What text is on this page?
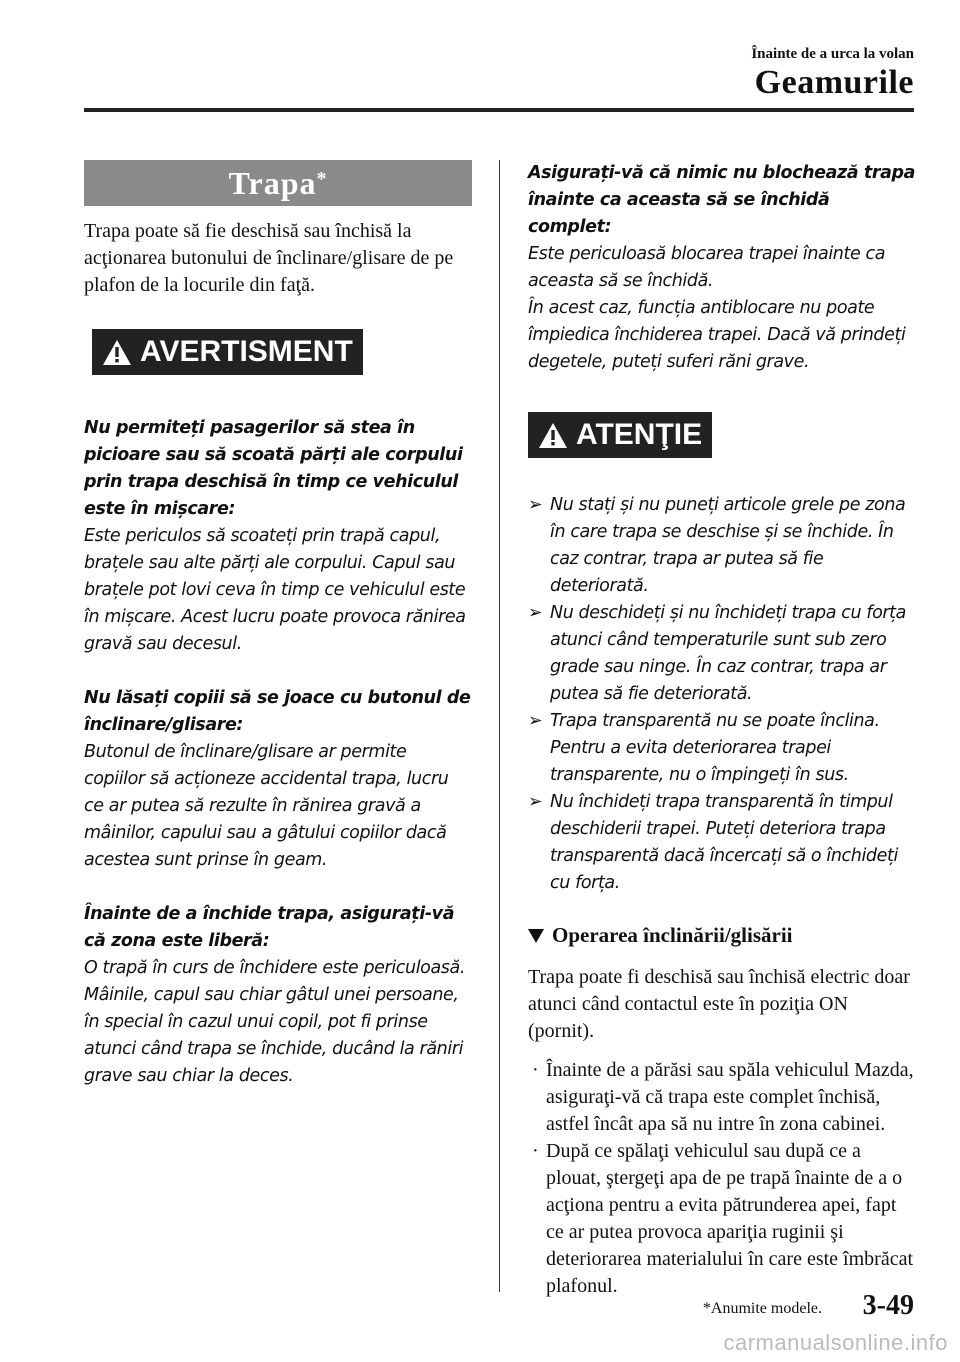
Înainte de a urca la volan
Geamurile
Trapa*
Trapa poate să fie deschisă sau închisă la acţionarea butonului de înclinare/glisare de pe plafon de la locurile din faţă.
AVERTISMENT
Nu permiteți pasagerilor să stea în picioare sau să scoată părți ale corpului prin trapa deschisă în timp ce vehiculul este în mișcare:
Este periculos să scoateți prin trapă capul, brațele sau alte părți ale corpului. Capul sau brațele pot lovi ceva în timp ce vehiculul este în mișcare. Acest lucru poate provoca rănirea gravă sau decesul.
Nu lăsați copiii să se joace cu butonul de înclinare/glisare:
Butonul de înclinare/glisare ar permite copiilor să acționeze accidental trapa, lucru ce ar putea să rezulte în rănirea gravă a mâinilor, capului sau a gâtului copiilor dacă acestea sunt prinse în geam.
Înainte de a închide trapa, asigurați-vă că zona este liberă:
O trapă în curs de închidere este periculoasă. Mâinile, capul sau chiar gâtul unei persoane, în special în cazul unui copil, pot fi prinse atunci când trapa se închide, ducând la răniri grave sau chiar la deces.
Asigurați-vă că nimic nu blochează trapa înainte ca aceasta să se închidă complet:
Este periculoasă blocarea trapei înainte ca aceasta să se închidă.
În acest caz, funcția antiblocare nu poate împiedica închiderea trapei. Dacă vă prindeți degetele, puteți suferi răni grave.
ATENŢIE
➢ Nu stați și nu puneți articole grele pe zona în care trapa se deschise și se închide. În caz contrar, trapa ar putea să fie deteriorată.
➢ Nu deschideți și nu închideți trapa cu forța atunci când temperaturile sunt sub zero grade sau ninge. În caz contrar, trapa ar putea să fie deteriorată.
➢ Trapa transparentă nu se poate înclina. Pentru a evita deteriorarea trapei transparente, nu o împingeți în sus.
➢ Nu închideți trapa transparentă în timpul deschiderii trapei. Puteți deteriora trapa transparentă dacă încercați să o închideți cu forța.
Operarea înclinării/glisării
Trapa poate fi deschisă sau închisă electric doar atunci când contactul este în poziţia ON (pornit).
· Înainte de a părăsi sau spăla vehiculul Mazda, asiguraţi-vă că trapa este complet închisă, astfel încât apa să nu intre în zona cabinei.
· După ce spălaţi vehiculul sau după ce a plouat, ştergeţi apa de pe trapă înainte de a o acţiona pentru a evita pătrunderea apei, fapt ce ar putea provoca apariţia ruginii şi deteriorarea materialului în care este îmbrăcat plafonul.
*Anumite modele. 3-49
carmanualsonline.info
